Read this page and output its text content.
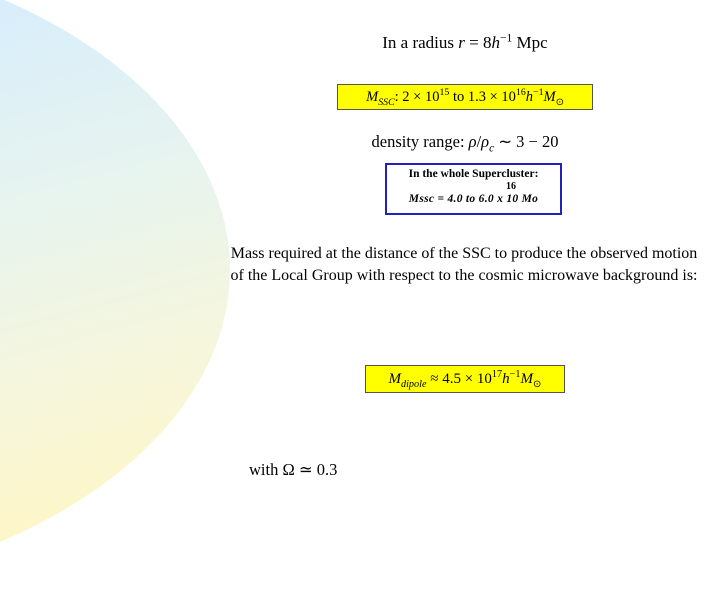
In a radius $r = 8h^{-1}$ Mpc
$M_{SSC}$: $2 \times 10^{15}$ to $1.3 \times 10^{16}h^{-1}M_⊙$
density range: $\rho/\rho_c$ ∼ 3 − 20
In the whole Supercluster:
16
Mssc = 4.0 to 6.0 x 10 Mo
Mass required at the distance of the SSC to produce the observed motion of the Local Group with respect to the cosmic microwave background is:
$M_{dipole} \approx 4.5 \times 10^{17}h^{-1}M_⊙$
with Ω ≃ 0.3
